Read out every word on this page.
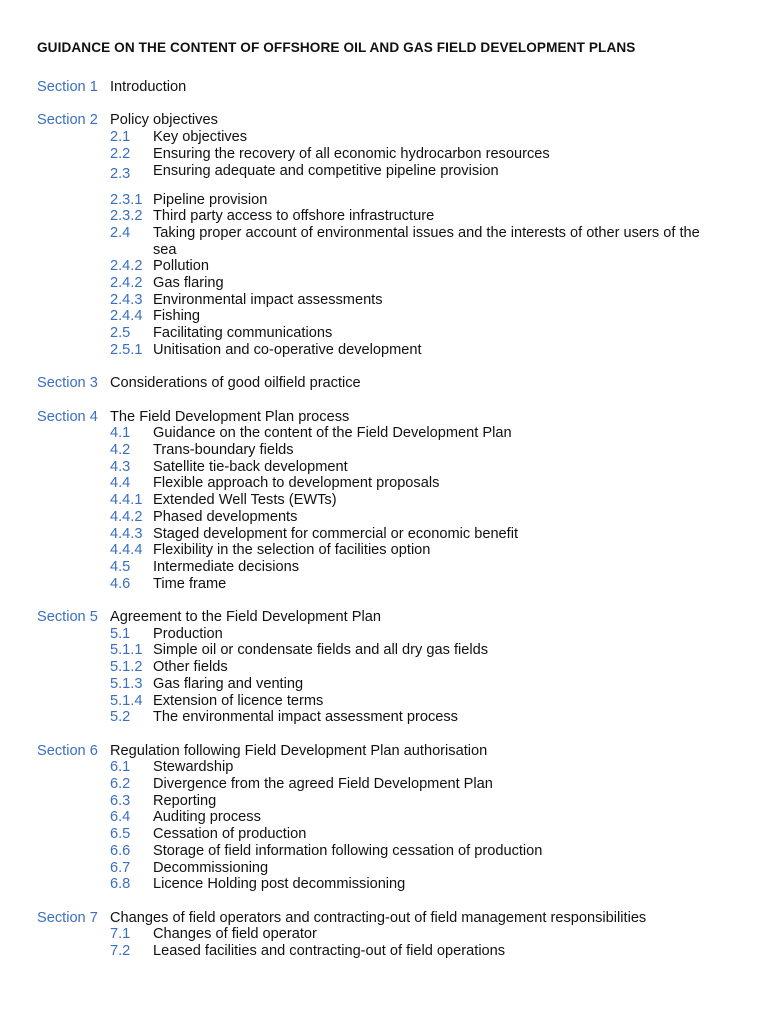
GUIDANCE ON THE CONTENT OF OFFSHORE OIL AND GAS FIELD DEVELOPMENT PLANS
Section 1 Introduction
Section 2 Policy objectives
2.1	Key objectives
2.2	Ensuring the recovery of all economic hydrocarbon resources
2.3	Ensuring adequate and competitive pipeline provision
2.3.1 Pipeline provision
2.3.2 Third party access to offshore infrastructure
2.4	Taking proper account of environmental issues and the interests of other users of the sea
2.4.2 Pollution
2.4.2 Gas flaring
2.4.3 Environmental impact assessments
2.4.4 Fishing
2.5	Facilitating communications
2.5.1 Unitisation and co-operative development
Section 3 Considerations of good oilfield practice
Section 4 The Field Development Plan process
4.1	Guidance on the content of the Field Development Plan
4.2	Trans-boundary fields
4.3	Satellite tie-back development
4.4	Flexible approach to development proposals
4.4.1 Extended Well Tests (EWTs)
4.4.2 Phased developments
4.4.3 Staged development for commercial or economic benefit
4.4.4 Flexibility in the selection of facilities option
4.5	Intermediate decisions
4.6	Time frame
Section 5 Agreement to the Field Development Plan
5.1	Production
5.1.1 Simple oil or condensate fields and all dry gas fields
5.1.2 Other fields
5.1.3 Gas flaring and venting
5.1.4 Extension of licence terms
5.2	The environmental impact assessment process
Section 6 Regulation following Field Development Plan authorisation
6.1	Stewardship
6.2	Divergence from the agreed Field Development Plan
6.3	Reporting
6.4	Auditing process
6.5	Cessation of production
6.6	Storage of field information following cessation of production
6.7	Decommissioning
6.8	Licence Holding post decommissioning
Section 7 Changes of field operators and contracting-out of field management responsibilities
7.1	Changes of field operator
7.2	Leased facilities and contracting-out of field operations
